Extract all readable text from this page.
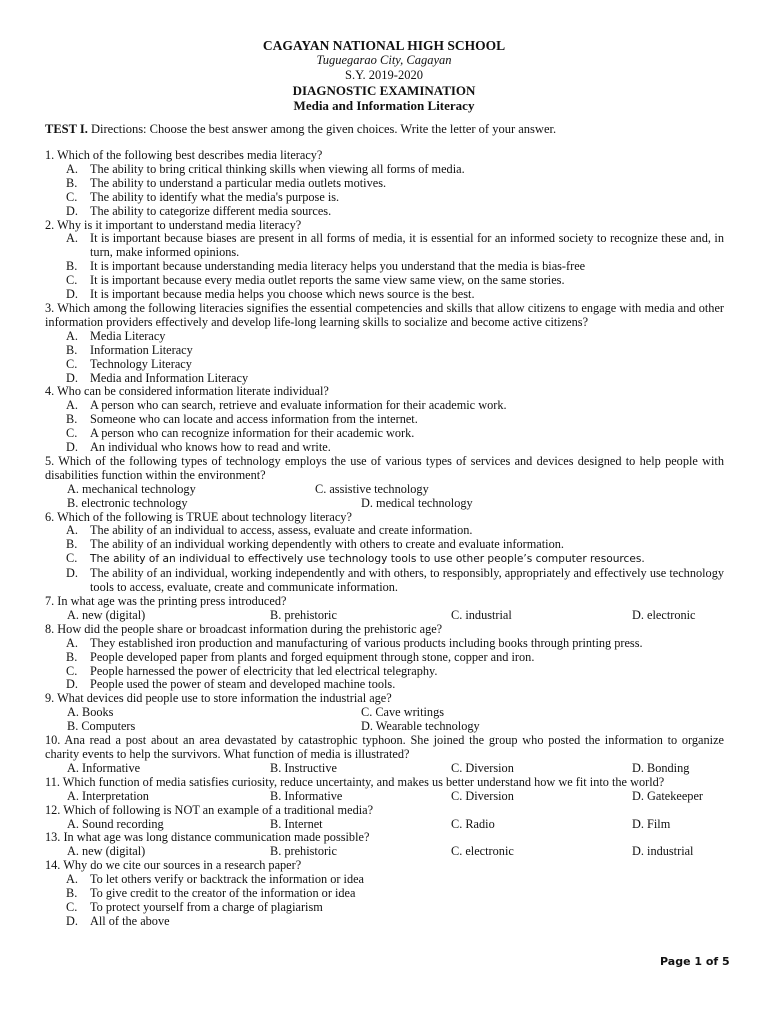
CAGAYAN NATIONAL HIGH SCHOOL
Tuguegarao City, Cagayan
S.Y. 2019-2020
DIAGNOSTIC EXAMINATION
Media and Information Literacy
TEST I. Directions: Choose the best answer among the given choices. Write the letter of your answer.
1. Which of the following best describes media literacy?
A. The ability to bring critical thinking skills when viewing all forms of media.
B. The ability to understand a particular media outlets motives.
C. The ability to identify what the media's purpose is.
D. The ability to categorize different media sources.
2. Why is it important to understand media literacy?
A. It is important because biases are present in all forms of media, it is essential for an informed society to recognize these and, in turn, make informed opinions.
B. It is important because understanding media literacy helps you understand that the media is bias-free
C. It is important because every media outlet reports the same view same view, on the same stories.
D. It is important because media helps you choose which news source is the best.
3. Which among the following literacies signifies the essential competencies and skills that allow citizens to engage with media and other information providers effectively and develop life-long learning skills to socialize and become active citizens?
A. Media Literacy
B. Information Literacy
C. Technology Literacy
D. Media and Information Literacy
4. Who can be considered information literate individual?
A. A person who can search, retrieve and evaluate information for their academic work.
B. Someone who can locate and access information from the internet.
C. A person who can recognize information for their academic work.
D. An individual who knows how to read and write.
5. Which of the following types of technology employs the use of various types of services and devices designed to help people with disabilities function within the environment?
A. mechanical technology	C. assistive technology
B. electronic technology	D. medical technology
6. Which of the following is TRUE about technology literacy?
A. The ability of an individual to access, assess, evaluate and create information.
B. The ability of an individual working dependently with others to create and evaluate information.
C. The ability of an individual to effectively use technology tools to use other people’s computer resources.
D. The ability of an individual, working independently and with others, to responsibly, appropriately and effectively use technology tools to access, evaluate, create and communicate information.
7. In what age was the printing press introduced?
A. new (digital)	B. prehistoric	C. industrial	D. electronic
8. How did the people share or broadcast information during the prehistoric age?
A. They established iron production and manufacturing of various products including books through printing press.
B. People developed paper from plants and forged equipment through stone, copper and iron.
C. People harnessed the power of electricity that led electrical telegraphy.
D. People used the power of steam and developed machine tools.
9. What devices did people use to store information the industrial age?
A. Books	C. Cave writings
B. Computers	D. Wearable technology
10. Ana read a post about an area devastated by catastrophic typhoon. She joined the group who posted the information to organize charity events to help the survivors. What function of media is illustrated?
A. Informative	B. Instructive	C. Diversion	D. Bonding
11. Which function of media satisfies curiosity, reduce uncertainty, and makes us better understand how we fit into the world?
A. Interpretation	B. Informative	C. Diversion	D. Gatekeeper
12. Which of following is NOT an example of a traditional media?
A. Sound recording	B. Internet	C. Radio	D. Film
13. In what age was long distance communication made possible?
A. new (digital)	B. prehistoric	C. electronic	D. industrial
14. Why do we cite our sources in a research paper?
A. To let others verify or backtrack the information or idea
B. To give credit to the creator of the information or idea
C. To protect yourself from a charge of plagiarism
D. All of the above
Page 1 of 5
